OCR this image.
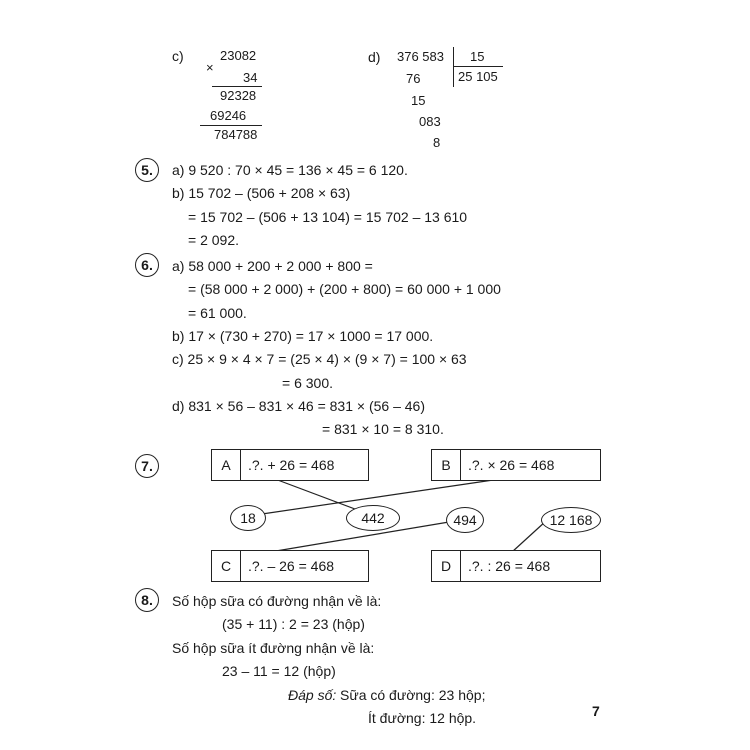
c)
×
23082
34
92328
69246
784788
d) 376 583 15
25 105
76
15
083
8
5.	a) 9 520 : 70 × 45 = 136 × 45 = 6 120.
b) 15 702 – (506 + 208 × 63)
= 15 702 – (506 + 13 104) = 15 702 – 13 610
= 2 092.
6.	a) 58 000 + 200 + 2 000 + 800 =
= (58 000 + 2 000) + (200 + 800) = 60 000 + 1 000
= 61 000.
b) 17 × (730 + 270) = 17 × 1000 = 17 000.
c) 25 × 9 × 4 × 7 = (25 × 4) × (9 × 7) = 100 × 63
= 6 300.
d) 831 × 56 – 831 × 46 = 831 × (56 – 46)
= 831 × 10 = 8 310.
7.	A	.?. + 26 = 468	B	.?. × 26 = 468
C	.?. – 26 = 468	D	.?. : 26 = 468
18	442	494	12 168
8.	Số hộp sữa có đường nhận về là:
(35 + 11) : 2 = 23 (hộp)
Số hộp sữa ít đường nhận về là:
23 – 11 = 12 (hộp)
Đáp số: Sữa có đường: 23 hộp;
Ít đường: 12 hộp.	7
